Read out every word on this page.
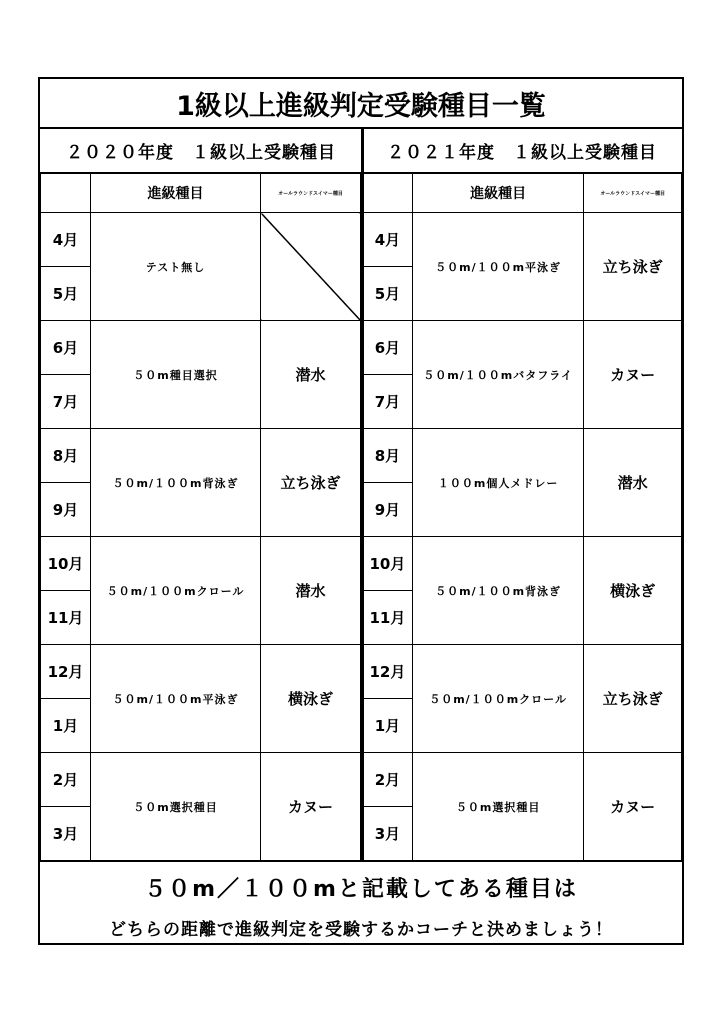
1級以上進級判定受験種目一覧
２０２０年度　１級以上受験種目
	進級種目	オールラウンドスイマー種目
4月	テスト無し	
5月		
6月	５０m種目選択	潜水
7月		
8月	５０m/１００m背泳ぎ	立ち泳ぎ
9月		
10月	５０m/１００mクロール	潜水
11月		
12月	５０m/１００m平泳ぎ	横泳ぎ
1月		
2月	５０m選択種目	カヌー
3月		
２０２１年度　１級以上受験種目
	進級種目	オールラウンドスイマー種目
4月	５０m/１００m平泳ぎ	立ち泳ぎ
5月		
6月	５０m/１００mバタフライ	カヌー
7月		
8月	１００m個人メドレー	潜水
9月		
10月	５０m/１００m背泳ぎ	横泳ぎ
11月		
12月	５０m/１００mクロール	立ち泳ぎ
1月		
2月	５０m選択種目	カヌー
3月		
５０m／１００mと記載してある種目は
どちらの距離で進級判定を受験するかコーチと決めましょう！
